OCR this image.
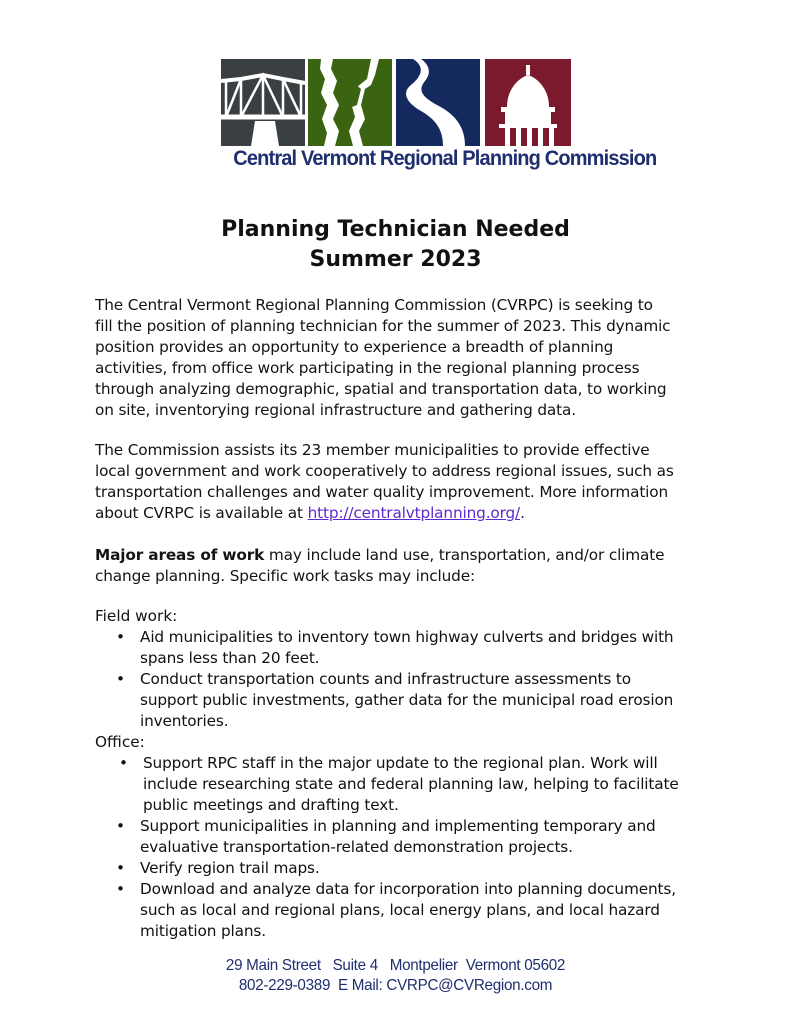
Central Vermont Regional Planning Commission
Planning Technician Needed
Summer 2023
The Central Vermont Regional Planning Commission (CVRPC) is seeking to
fill the position of planning technician for the summer of 2023. This dynamic
position provides an opportunity to experience a breadth of planning
activities, from office work participating in the regional planning process
through analyzing demographic, spatial and transportation data, to working
on site, inventorying regional infrastructure and gathering data.
The Commission assists its 23 member municipalities to provide effective
local government and work cooperatively to address regional issues, such as
transportation challenges and water quality improvement. More information
about CVRPC is available at http://centralvtplanning.org/.
Major areas of work may include land use, transportation, and/or climate
change planning. Specific work tasks may include:
Field work:
• Aid municipalities to inventory town highway culverts and bridges with
spans less than 20 feet.
• Conduct transportation counts and infrastructure assessments to
support public investments, gather data for the municipal road erosion
inventories.
Office:
• Support RPC staff in the major update to the regional plan. Work will
include researching state and federal planning law, helping to facilitate
public meetings and drafting text.
• Support municipalities in planning and implementing temporary and
evaluative transportation-related demonstration projects.
• Verify region trail maps.
• Download and analyze data for incorporation into planning documents,
such as local and regional plans, local energy plans, and local hazard
mitigation plans.
29 Main Street   Suite 4   Montpelier  Vermont 05602
802-229-0389  E Mail: CVRPC@CVRegion.com
